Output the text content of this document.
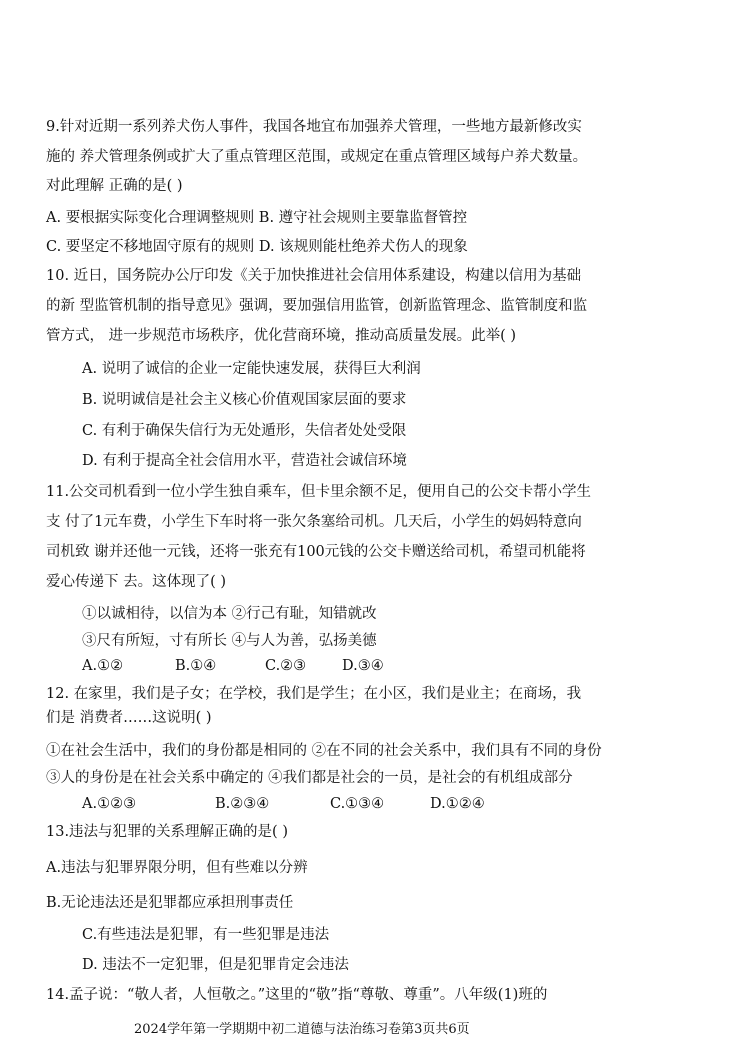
9.针对近期一系列养犬伤人事件，我国各地宜布加强养犬管理，一些地方最新修改实
施的 养犬管理条例或扩大了重点管理区范围，或规定在重点管理区域每户养犬数量。
对此理解 正确的是( )
A. 要根据实际变化合理调整规则 B. 遵守社会规则主要靠监督管控
C. 要坚定不移地固守原有的规则 D. 该规则能杜绝养犬伤人的现象
10. 近日，国务院办公厅印发《关于加快推进社会信用体系建设，构建以信用为基础
的新 型监管机制的指导意见》强调，要加强信用监管，创新监管理念、监管制度和监
管方式， 进一步规范市场秩序，优化营商环境，推动高质量发展。此举( )
A. 说明了诚信的企业一定能快速发展，获得巨大利润
B. 说明诚信是社会主义核心价值观国家层面的要求
C. 有利于确保失信行为无处遁形，失信者处处受限
D. 有利于提高全社会信用水平，营造社会诚信环境
11.公交司机看到一位小学生独自乘车，但卡里余额不足，便用自己的公交卡帮小学生
支 付了1元车费，小学生下车时将一张欠条塞给司机。几天后，小学生的妈妈特意向
司机致 谢并还他一元钱，还将一张充有100元钱的公交卡赠送给司机，希望司机能将
爱心传递下 去。这体现了( )
①以诚相待，以信为本 ②行己有耻，知错就改
③尺有所短，寸有所长 ④与人为善，弘扬美德
A.①②	B.①④	C.②③ D.③④
12. 在家里，我们是子女；在学校，我们是学生；在小区，我们是业主；在商场，我
们是 消费者……这说明( )
①在社会生活中，我们的身份都是相同的 ②在不同的社会关系中，我们具有不同的身份
③人的身份是在社会关系中确定的 ④我们都是社会的一员，是社会的有机组成部分
A.①②③	B.②③④	C.①③④	D.①②④
13.违法与犯罪的关系理解正确的是( )
A.违法与犯罪界限分明，但有些难以分辨
B.无论违法还是犯罪都应承担刑事责任
C.有些违法是犯罪，有一些犯罪是违法
D. 违法不一定犯罪，但是犯罪肯定会违法
14.孟子说：“敬人者，人恒敬之。”这里的“敬”指“尊敬、尊重”。八年级(1)班的
2024学年第一学期期中初二道德与法治练习卷第3页共6页
